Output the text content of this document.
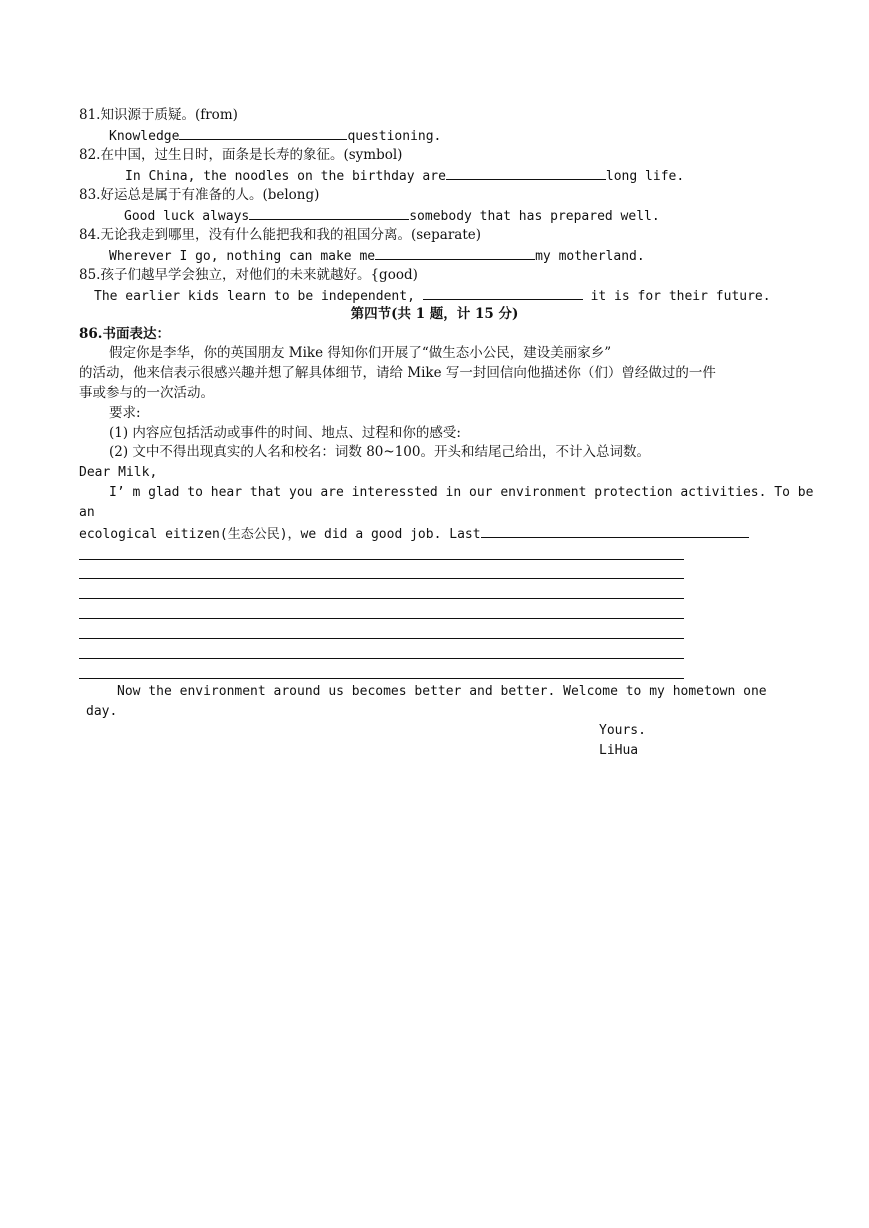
81.知识源于质疑。(from)
Knowledge	questioning.
82.在中国，过生日时，面条是长寿的象征。(symbol)
In China, the noodles on the birthday are	long life.
83.好运总是属于有准备的人。(belong)
Good luck always	somebody that has prepared well.
84.无论我走到哪里，没有什么能把我和我的祖国分离。(separate)
Wherever I go, nothing can make me	my motherland.
85.孩子们越早学会独立，对他们的未来就越好。{good)
The earlier kids learn to be independent,	it is for their future.
第四节(共 1 题，计 15 分)
86.书面表达：
假定你是李华，你的英国朋友 Mike 得知你们开展了“做生态小公民，建设美丽家乡”
的活动，他来信表示很感兴趣并想了解具体细节，请给 Mike 写一封回信向他描述你（们）曾经做过的一件
事或参与的一次活动。
要求:
(1) 内容应包括活动或事件的时间、地点、过程和你的感受:
(2) 文中不得出现真实的人名和校名：词数 80~100。开头和结尾己给出，不计入总词数。
Dear Milk,
I’ m glad to hear that you are interessted in our environment protection activities. To be
an
ecological eitizen(生态公民)，we did a good job. Last
Now the environment around us becomes better and better. Welcome to my hometown one
day.
Yours.
LiHua
